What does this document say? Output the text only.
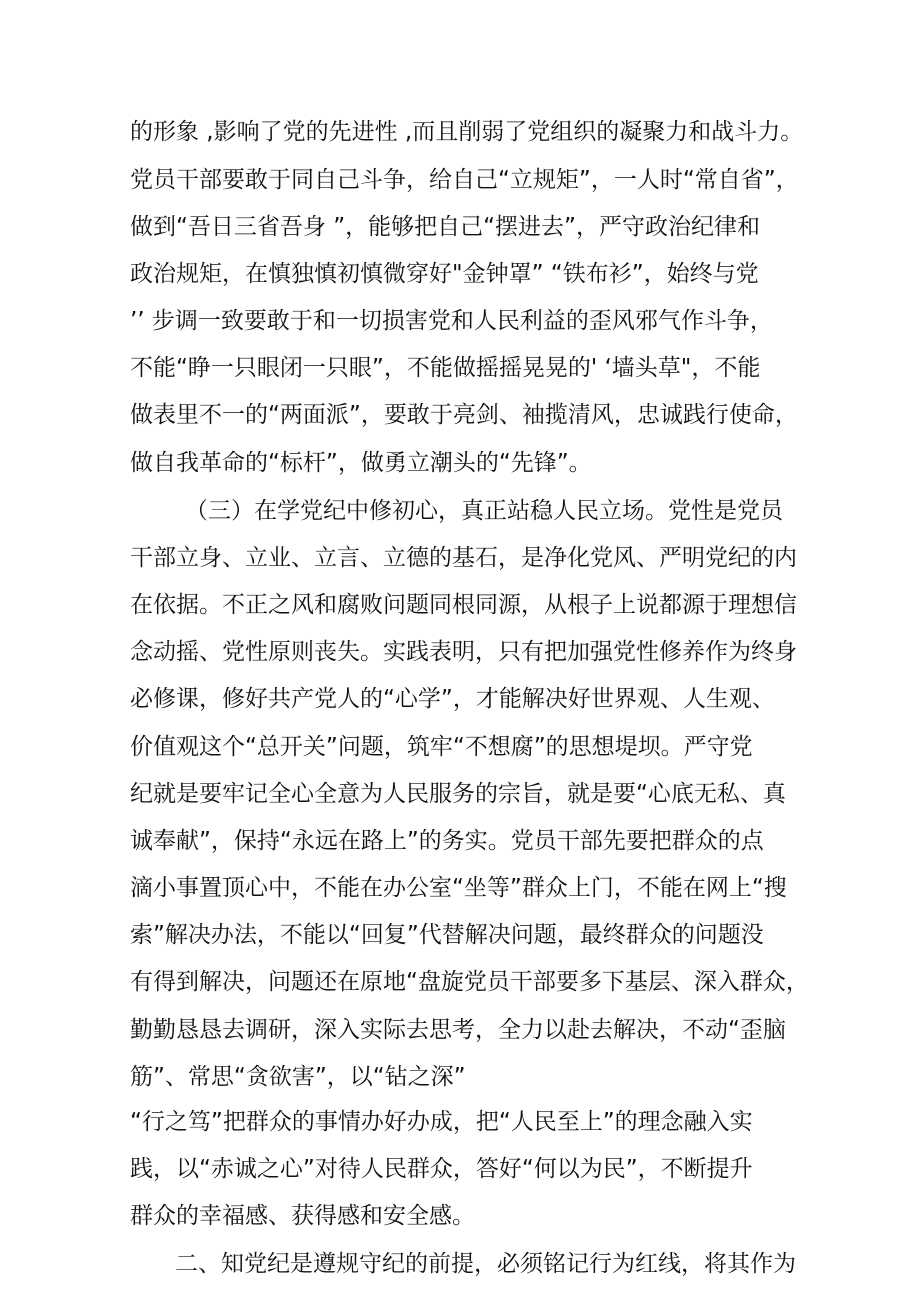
的形象 ,影响了党的先进性 ,而且削弱了党组织的凝聚力和战斗力。
党员干部要敢于同自己斗争，给自己“立规矩”，一人时“常自省”，
做到“吾日三省吾身 ”，能够把自己“摆进去”，严守政治纪律和
政治规矩，在慎独慎初慎微穿好"金钟罩” “铁布衫”，始终与党
’’ 步调一致要敢于和一切损害党和人民利益的歪风邪气作斗争，
不能“睁一只眼闭一只眼”，不能做摇摇晃晃的' ‘墙头草"，不能
做表里不一的“两面派”，要敢于亮剑、袖揽清风，忠诚践行使命，
做自我革命的“标杆”，做勇立潮头的“先锋”。
（三）在学党纪中修初心，真正站稳人民立场。党性是党员
干部立身、立业、立言、立德的基石，是净化党风、严明党纪的内
在依据。不正之风和腐败问题同根同源，从根子上说都源于理想信
念动摇、党性原则丧失。实践表明，只有把加强党性修养作为终身
必修课，修好共产党人的“心学”，才能解决好世界观、人生观、
价值观这个“总开关”问题，筑牢“不想腐”的思想堤坝。严守党
纪就是要牢记全心全意为人民服务的宗旨，就是要“心底无私、真
诚奉献”，保持“永远在路上”的务实。党员干部先要把群众的点
滴小事置顶心中，不能在办公室“坐等”群众上门，不能在网上“搜
索”解决办法，不能以“回复”代替解决问题，最终群众的问题没
有得到解决，问题还在原地“盘旋党员干部要多下基层、深入群众，
勤勤恳恳去调研，深入实际去思考，全力以赴去解决，不动“歪脑
筋”、常思“贪欲害”，以“钻之深”
“行之笃”把群众的事情办好办成，把“人民至上”的理念融入实
践，以“赤诚之心”对待人民群众，答好“何以为民”，不断提升
群众的幸福感、获得感和安全感。
二、知党纪是遵规守纪的前提，必须铭记行为红线，将其作为
